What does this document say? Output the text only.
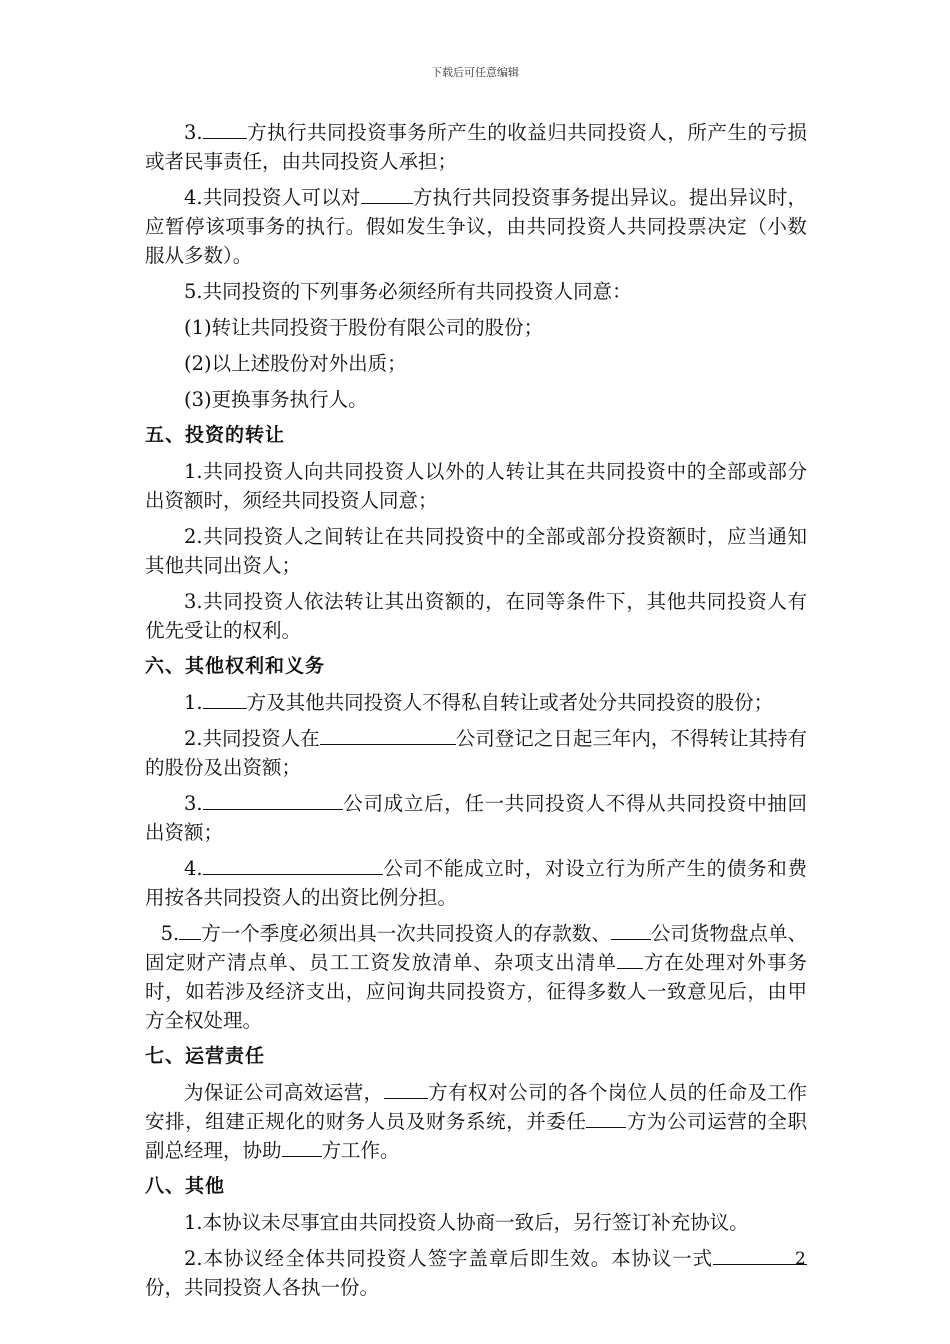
下载后可任意编辑

3. 方执行共同投资事务所产生的收益归共同投资人，所产生的亏损或者民事责任，由共同投资人承担；

4.共同投资人可以对	方执行共同投资事务提出异议。提出异议时，应暂停该项事务的执行。假如发生争议，由共同投资人共同投票决定（小数服从多数）。

5.共同投资的下列事务必须经所有共同投资人同意：

(1)转让共同投资于股份有限公司的股份；

(2)以上述股份对外出质；

(3)更换事务执行人。

五、投资的转让

1.共同投资人向共同投资人以外的人转让其在共同投资中的全部或部分出资额时，须经共同投资人同意；

2.共同投资人之间转让在共同投资中的全部或部分投资额时，应当通知其他共同出资人；

3.共同投资人依法转让其出资额的，在同等条件下，其他共同投资人有优先受让的权利。

六、其他权利和义务

1. 方及其他共同投资人不得私自转让或者处分共同投资的股份；

2.共同投资人在	公司登记之日起三年内，不得转让其持有的股份及出资额；

3.	公司成立后，任一共同投资人不得从共同投资中抽回出资额；

4.	公司不能成立时，对设立行为所产生的债务和费用按各共同投资人的出资比例分担。

5. 方一个季度必须出具一次共同投资人的存款数、 公司货物盘点单、固定财产清点单、员工工资发放清单、杂项支出清单 方在处理对外事务时，如若涉及经济支出，应问询共同投资方，征得多数人一致意见后，由甲方全权处理。

七、运营责任

为保证公司高效运营， 方有权对公司的各个岗位人员的任命及工作安排，组建正规化的财务人员及财务系统，并委任 方为公司运营的全职副总经理，协助 方工作。

八、其他

1.本协议未尽事宜由共同投资人协商一致后，另行签订补充协议。

2.本协议经全体共同投资人签字盖章后即生效。本协议一式份，共同投资人各执一份。

2
